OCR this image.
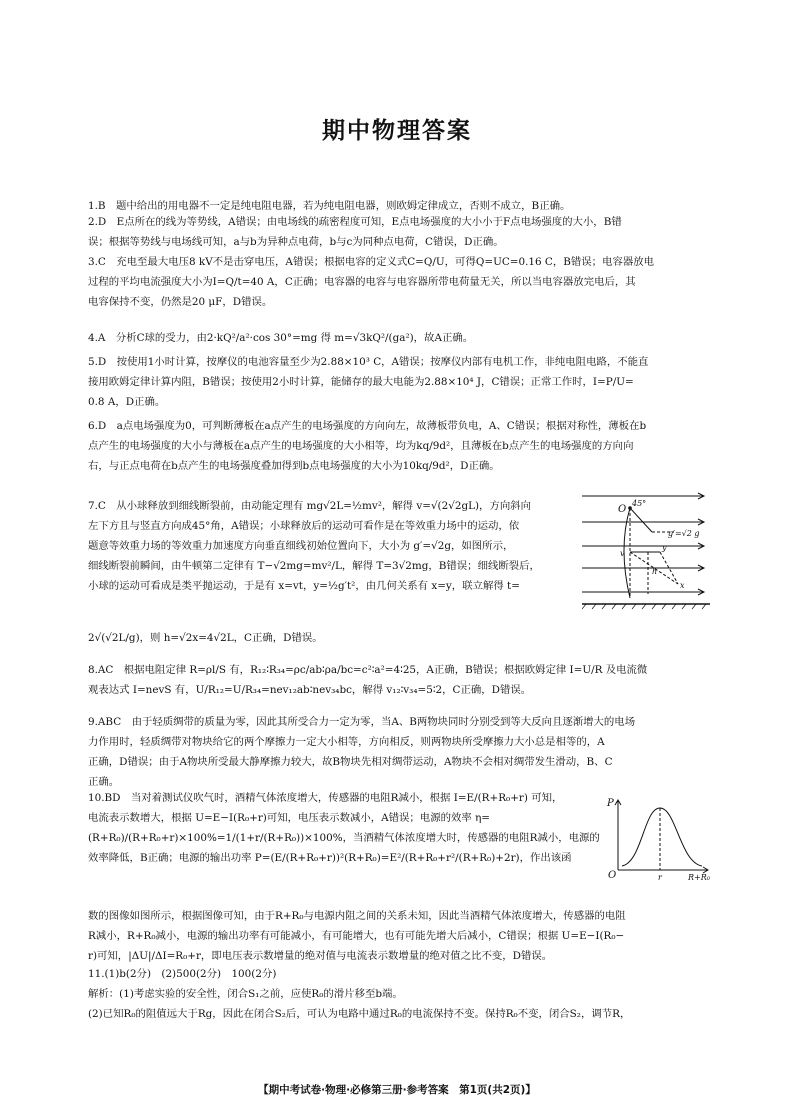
期中物理答案

1.B　题中给出的用电器不一定是纯电阻电器，若为纯电阻电器，则欧姆定律成立，否则不成立，B正确。

2.D　E点所在的线为等势线，A错误；由电场线的疏密程度可知，E点电场强度的大小小于F点电场强度的大小，B错

误；根据等势线与电场线可知，a与b为异种点电荷，b与c为同种点电荷，C错误，D正确。

3.C　充电至最大电压8 kV不是击穿电压，A错误；根据电容的定义式C=Q/U，可得Q=UC=0.16 C，B错误；电容器放电

过程的平均电流强度大小为I=Q/t=40 A，C正确；电容器的电容与电容器所带电荷量无关，所以当电容器放完电后，其

电容保持不变，仍然是20 μF，D错误。

4.A　分析C球的受力，由2·kQ²/a²·cos 30°=mg 得 m=√3kQ²/(ga²)，故A正确。

5.D　按使用1小时计算，按摩仪的电池容量至少为2.88×10³ C，A错误；按摩仪内部有电机工作，非纯电阻电路，不能直

接用欧姆定律计算内阻，B错误；按使用2小时计算，能储存的最大电能为2.88×10⁴ J，C错误；正常工作时，I=P/U=

0.8 A，D正确。

6.D　a点电场强度为0，可判断薄板在a点产生的电场强度的方向向左，故薄板带负电，A、C错误；根据对称性，薄板在b

点产生的电场强度的大小与薄板在a点产生的电场强度的大小相等，均为kq/9d²，且薄板在b点产生的电场强度的方向向

右，与正点电荷在b点产生的电场强度叠加得到b点电场强度的大小为10kq/9d²，D正确。

7.C　从小球释放到细线断裂前，由动能定理有 mg√2L=½mv²，解得 v=√(2√2gL)，方向斜向

左下方且与竖直方向成45°角，A错误；小球释放后的运动可看作是在等效重力场中的运动，依

题意等效重力场的等效重力加速度方向垂直细线初始位置向下，大小为 g′=√2g，如图所示，

细线断裂前瞬间，由牛顿第二定律有 T−√2mg=mv²/L，解得 T=3√2mg，B错误；细线断裂后，

小球的运动可看成是类平抛运动，于是有 x=vt，y=½g′t²，由几何关系有 x=y，联立解得 t=

2√(√2L/g)，则 h=√2x=4√2L，C正确，D错误。

8.AC　根据电阻定律 R=ρl/S 有，R₁₂∶R₃₄=ρc/ab∶ρa/bc=c²∶a²=4∶25，A正确，B错误；根据欧姆定律 I=U/R 及电流微

观表达式 I=nevS 有，U/R₁₂=U/R₃₄=nev₁₂ab∶nev₃₄bc，解得 v₁₂∶v₃₄=5∶2，C正确，D错误。

9.ABC　由于轻质绸带的质量为零，因此其所受合力一定为零，当A、B两物块同时分别受到等大反向且逐渐增大的电场

力作用时，轻质绸带对物块给它的两个摩擦力一定大小相等，方向相反，则两物块所受摩擦力大小总是相等的，A

正确，D错误；由于A物块所受最大静摩擦力较大，故B物块先相对绸带运动，A物块不会相对绸带发生滑动，B、C

正确。

10.BD　当对着测试仪吹气时，酒精气体浓度增大，传感器的电阻R减小，根据 I=E/(R+R₀+r) 可知，

电流表示数增大，根据 U=E−I(R₀+r)可知，电压表示数减小，A错误；电源的效率 η=

(R+R₀)/(R+R₀+r)×100%=1/(1+r/(R+R₀))×100%，当酒精气体浓度增大时，传感器的电阻R减小，电源的

效率降低，B正确；电源的输出功率 P=(E/(R+R₀+r))²(R+R₀)=E²/(R+R₀+r²/(R+R₀)+2r)，作出该函

数的图像如图所示，根据图像可知，由于R+R₀与电源内阻之间的关系未知，因此当酒精气体浓度增大，传感器的电阻

R减小，R+R₀减小，电源的输出功率有可能减小，有可能增大，也有可能先增大后减小，C错误；根据 U=E−I(R₀−

r)可知，|ΔU|/ΔI=R₀+r，即电压表示数增量的绝对值与电流表示数增量的绝对值之比不变，D错误。

11.(1)b(2分)　(2)500(2分)　100(2分)

解析：(1)考虑实验的安全性，闭合S₁之前，应使R₀的滑片移至b端。

(2)已知R₀的阻值远大于Rg，因此在闭合S₂后，可认为电路中通过R₀的电流保持不变。保持R₀不变，闭合S₂，调节R，

O
45°
g′=√2 g
v
h
y
x
P
O	r	R+R₀
【期中考试卷·物理·必修第三册·参考答案　第1页(共2页)】
